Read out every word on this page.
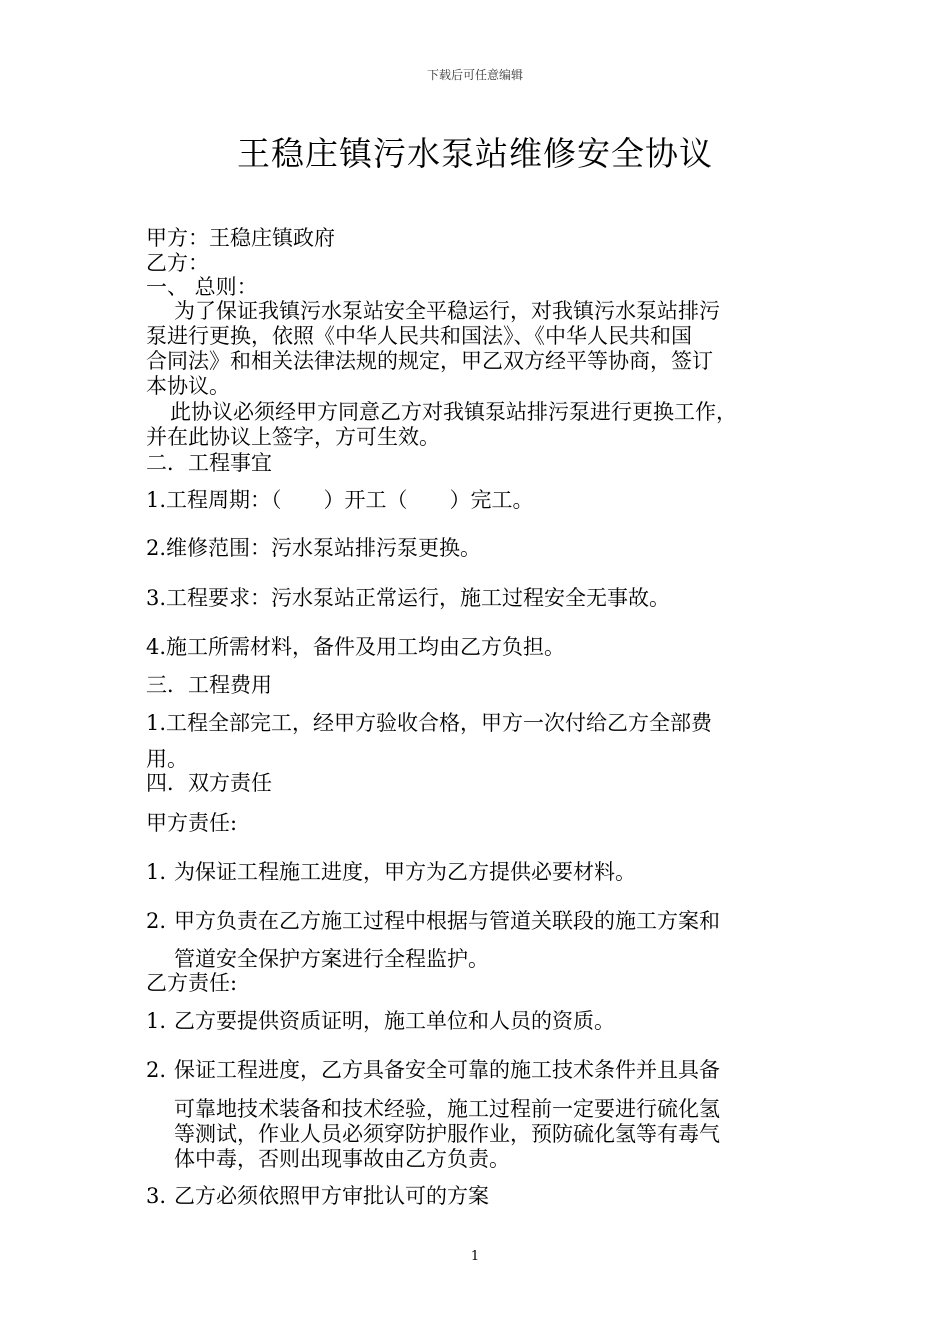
下载后可任意编辑
王稳庄镇污水泵站维修安全协议
甲方：王稳庄镇政府
乙方：
一、 总则：
为了保证我镇污水泵站安全平稳运行，对我镇污水泵站排污
泵进行更换，依照《中华人民共和国法》、《中华人民共和国
合同法》和相关法律法规的规定，甲乙双方经平等协商，签订
本协议。
此协议必须经甲方同意乙方对我镇泵站排污泵进行更换工作，
并在此协议上签字，方可生效。
二．工程事宜
1.工程周期：（　　）开工（　　）完工。
2.维修范围：污水泵站排污泵更换。
3.工程要求：污水泵站正常运行，施工过程安全无事故。
4.施工所需材料，备件及用工均由乙方负担。
三．工程费用
1.工程全部完工，经甲方验收合格，甲方一次付给乙方全部费
用。
四．双方责任
甲方责任:
1. 为保证工程施工进度，甲方为乙方提供必要材料。
2. 甲方负责在乙方施工过程中根据与管道关联段的施工方案和
管道安全保护方案进行全程监护。
乙方责任:
1. 乙方要提供资质证明，施工单位和人员的资质。
2. 保证工程进度，乙方具备安全可靠的施工技术条件并且具备
可靠地技术装备和技术经验，施工过程前一定要进行硫化氢
等测试，作业人员必须穿防护服作业，预防硫化氢等有毒气
体中毒，否则出现事故由乙方负责。
3. 乙方必须依照甲方审批认可的方案
1
